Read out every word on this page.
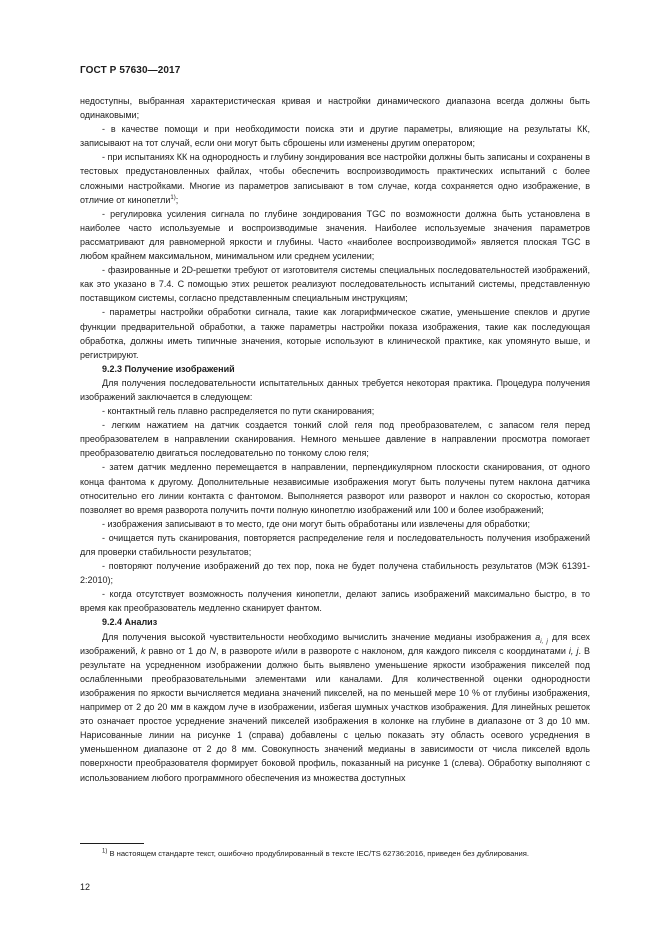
ГОСТ Р 57630—2017

недоступны, выбранная характеристическая кривая и настройки динамического диапазона всегда должны быть одинаковыми;

- в качестве помощи и при необходимости поиска эти и другие параметры, влияющие на результаты КК, записывают на тот случай, если они могут быть сброшены или изменены другим оператором;

- при испытаниях КК на однородность и глубину зондирования все настройки должны быть записаны и сохранены в тестовых предустановленных файлах, чтобы обеспечить воспроизводимость практических испытаний с более сложными настройками. Многие из параметров записывают в том случае, когда сохраняется одно изображение, в отличие от кинопетли$^{1)}$;

- регулировка усиления сигнала по глубине зондирования TGC по возможности должна быть установлена в наиболее часто используемые и воспроизводимые значения. Наиболее используемые значения параметров рассматривают для равномерной яркости и глубины. Часто «наиболее воспроизводимой» является плоская TGC в любом крайнем максимальном, минимальном или среднем усилении;

- фазированные и 2D-решетки требуют от изготовителя системы специальных последовательностей изображений, как это указано в 7.4. С помощью этих решеток реализуют последовательность испытаний системы, представленную поставщиком системы, согласно представленным специальным инструкциям;

- параметры настройки обработки сигнала, такие как логарифмическое сжатие, уменьшение спеклов и другие функции предварительной обработки, а также параметры настройки показа изображения, такие как последующая обработка, должны иметь типичные значения, которые используют в клинической практике, как упомянуто выше, и регистрируют.

9.2.3 Получение изображений

Для получения последовательности испытательных данных требуется некоторая практика. Процедура получения изображений заключается в следующем:

- контактный гель плавно распределяется по пути сканирования;

- легким нажатием на датчик создается тонкий слой геля под преобразователем, с запасом геля перед преобразователем в направлении сканирования. Немного меньшее давление в направлении просмотра помогает преобразователю двигаться последовательно по тонкому слою геля;

- затем датчик медленно перемещается в направлении, перпендикулярном плоскости сканирования, от одного конца фантома к другому. Дополнительные независимые изображения могут быть получены путем наклона датчика относительно его линии контакта с фантомом. Выполняется разворот или разворот и наклон со скоростью, которая позволяет во время разворота получить почти полную кинопетлю изображений или 100 и более изображений;

- изображения записывают в то место, где они могут быть обработаны или извлечены для обработки;

- очищается путь сканирования, повторяется распределение геля и последовательность получения изображений для проверки стабильности результатов;

- повторяют получение изображений до тех пор, пока не будет получена стабильность результатов (МЭК 61391-2:2010);

- когда отсутствует возможность получения кинопетли, делают запись изображений максимально быстро, в то время как преобразователь медленно сканирует фантом.

9.2.4 Анализ

Для получения высокой чувствительности необходимо вычислить значение медианы изображения $a_{i, j}$ для всех изображений, k равно от 1 до N, в развороте и/или в развороте с наклоном, для каждого пикселя с координатами i, j. В результате на усредненном изображении должно быть выявлено уменьшение яркости изображения пикселей под ослабленными преобразовательными элементами или каналами. Для количественной оценки однородности изображения по яркости вычисляется медиана значений пикселей, на по меньшей мере 10 % от глубины изображения, например от 2 до 20 мм в каждом луче в изображении, избегая шумных участков изображения. Для линейных решеток это означает простое усреднение значений пикселей изображения в колонке на глубине в диапазоне от 3 до 10 мм. Нарисованные линии на рисунке 1 (справа) добавлены с целью показать эту область осевого усреднения в уменьшенном диапазоне от 2 до 8 мм. Совокупность значений медианы в зависимости от числа пикселей вдоль поверхности преобразователя формирует боковой профиль, показанный на рисунке 1 (слева). Обработку выполняют с использованием любого программного обеспечения из множества доступных

$^{1)}$ В настоящем стандарте текст, ошибочно продублированный в тексте IEC/TS 62736:2016, приведен без дублирования.
12
